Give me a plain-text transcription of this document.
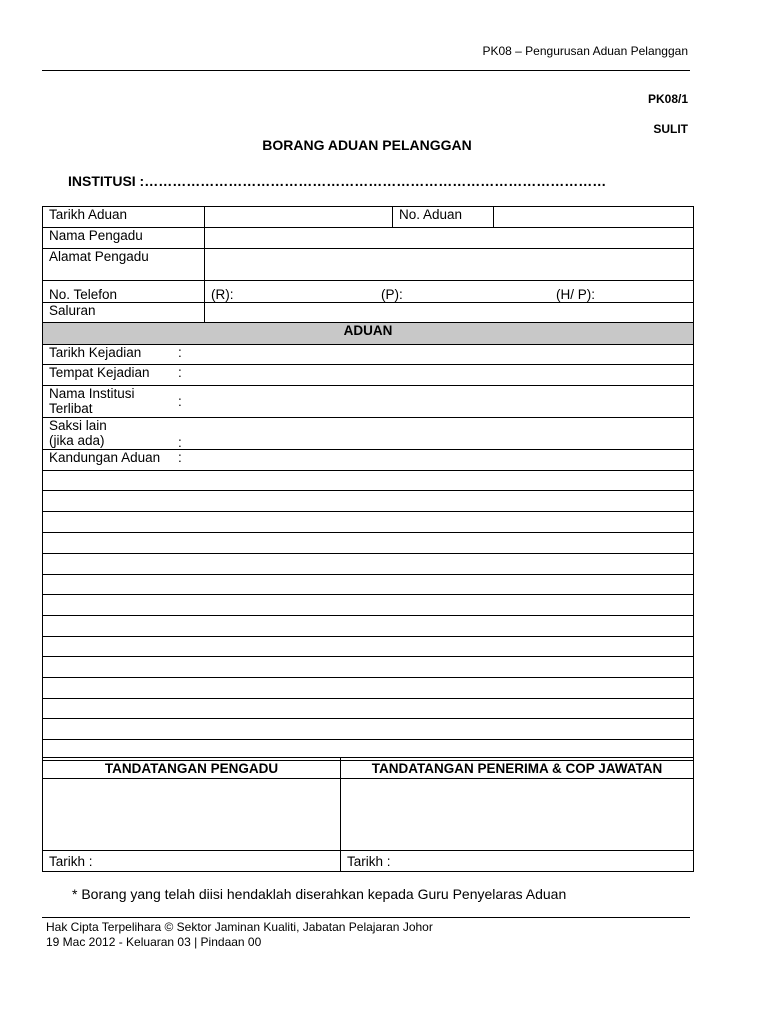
PK08 – Pengurusan Aduan Pelanggan
PK08/1
SULIT
BORANG ADUAN PELANGGAN
INSTITUSI :………………………………………………………………………………………
Tarikh Aduan		No. Aduan	
Nama Pengadu			
Alamat Pengadu			
No. Telefon	(R): (P): (H/ P):		

Saluran			
ADUAN			
Tarikh Kejadian :			

Tempat Kejadian :			

Nama Institusi
Terlibat :			

Saksi lain
(jika ada) :			

Kandungan Aduan :			

TANDATANGAN PENGADU	TANDATANGAN PENERIMA & COP JAWATAN

Tarikh :	Tarikh :
* Borang yang telah diisi hendaklah diserahkan kepada Guru Penyelaras Aduan
Hak Cipta Terpelihara © Sektor Jaminan Kualiti, Jabatan Pelajaran Johor
19 Mac 2012 - Keluaran 03 | Pindaan 00
